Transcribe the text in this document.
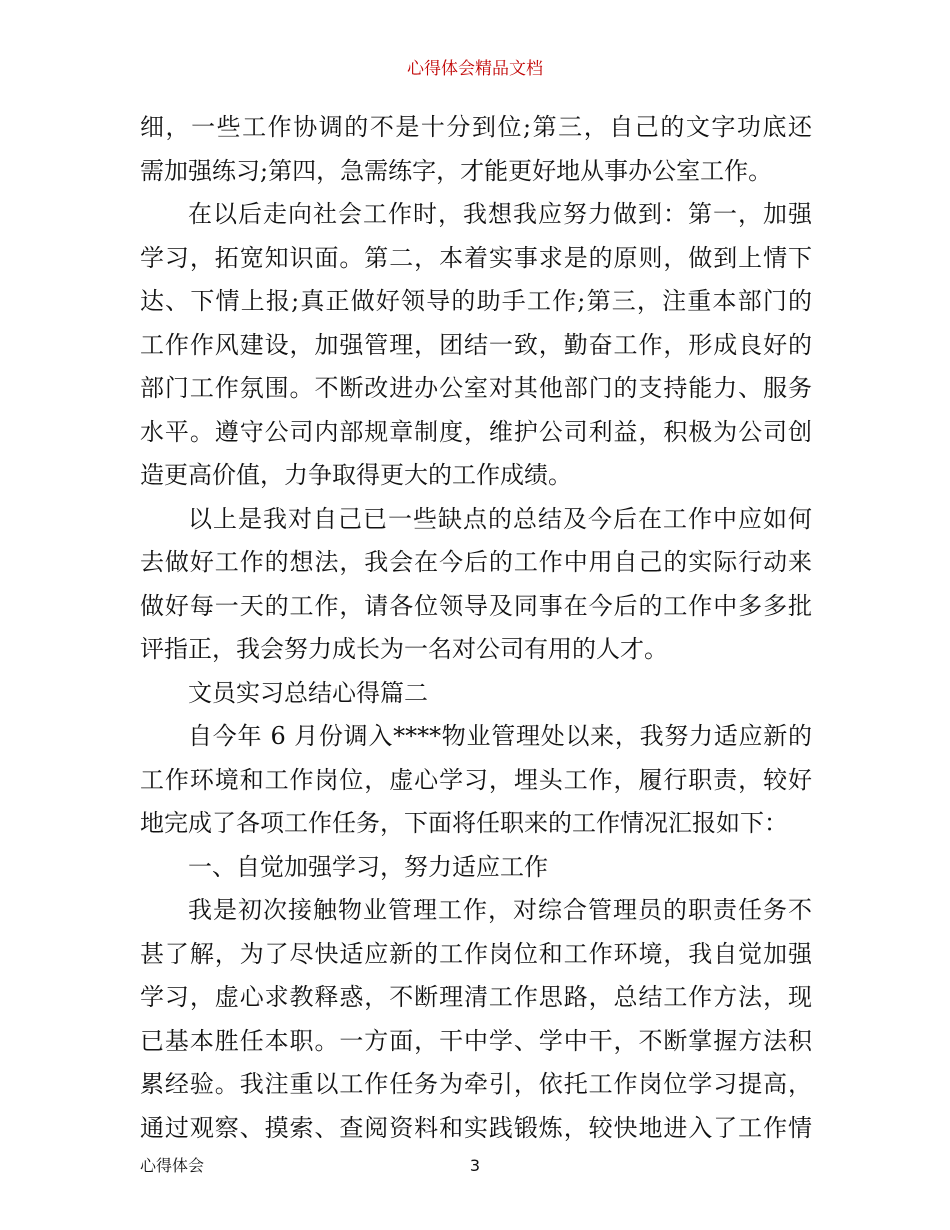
心得体会精品文档
细，一些工作协调的不是十分到位;第三，自己的文字功底还
需加强练习;第四，急需练字，才能更好地从事办公室工作。
在以后走向社会工作时，我想我应努力做到：第一，加强
学习，拓宽知识面。第二，本着实事求是的原则，做到上情下
达、下情上报;真正做好领导的助手工作;第三，注重本部门的
工作作风建设，加强管理，团结一致，勤奋工作，形成良好的
部门工作氛围。不断改进办公室对其他部门的支持能力、服务
水平。遵守公司内部规章制度，维护公司利益，积极为公司创
造更高价值，力争取得更大的工作成绩。
以上是我对自己已一些缺点的总结及今后在工作中应如何
去做好工作的想法，我会在今后的工作中用自己的实际行动来
做好每一天的工作，请各位领导及同事在今后的工作中多多批
评指正，我会努力成长为一名对公司有用的人才。
文员实习总结心得篇二
自今年 6 月份调入****物业管理处以来，我努力适应新的
工作环境和工作岗位，虚心学习，埋头工作，履行职责，较好
地完成了各项工作任务，下面将任职来的工作情况汇报如下：
一、自觉加强学习，努力适应工作
我是初次接触物业管理工作，对综合管理员的职责任务不
甚了解，为了尽快适应新的工作岗位和工作环境，我自觉加强
学习，虚心求教释惑，不断理清工作思路，总结工作方法，现
已基本胜任本职。一方面，干中学、学中干，不断掌握方法积
累经验。我注重以工作任务为牵引，依托工作岗位学习提高，
通过观察、摸索、查阅资料和实践锻炼，较快地进入了工作情
心得体会	3
